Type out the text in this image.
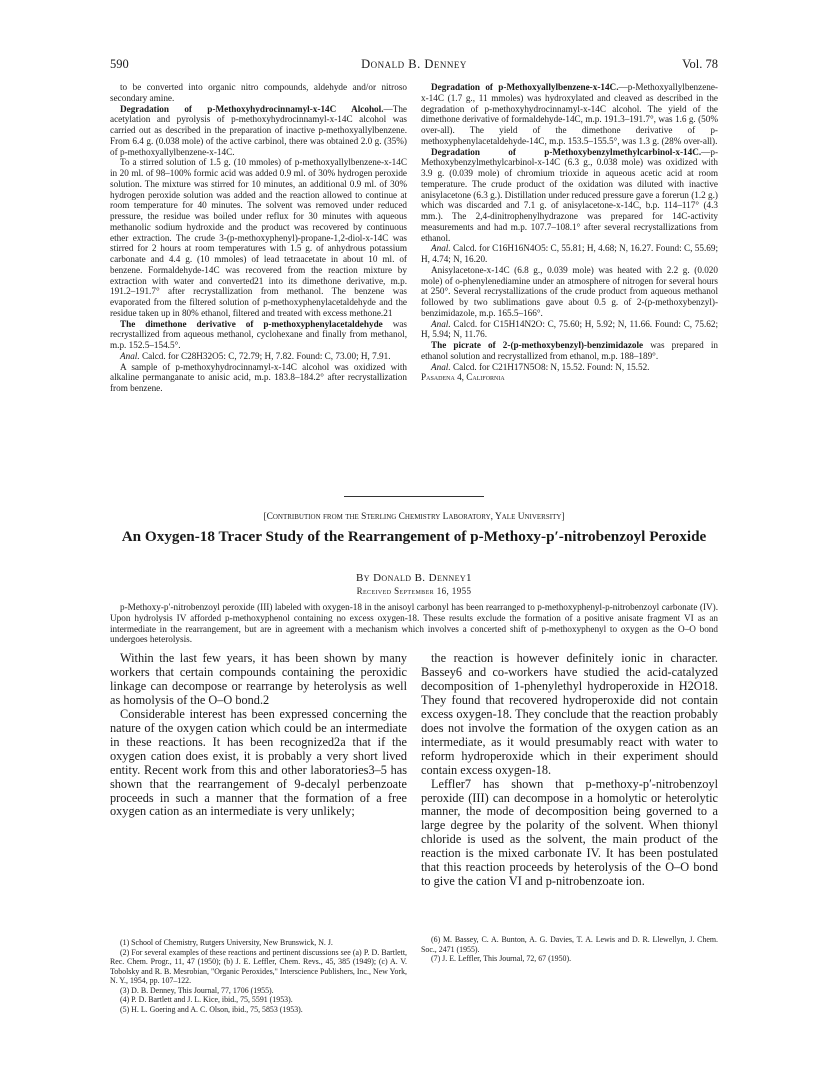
590	Donald B. Denney	Vol. 78

to be converted into organic nitro compounds, aldehyde and/or nitroso secondary amine.

Degradation of p-Methoxyhydrocinnamyl-x-14C Alcohol.—The acetylation and pyrolysis of p-methoxyhydrocinnamyl-x-14C alcohol was carried out as described in the preparation of inactive p-methoxyallylbenzene. From 6.4 g. (0.038 mole) of the active carbinol, there was obtained 2.0 g. (35%) of p-methoxyallylbenzene-x-14C.

To a stirred solution of 1.5 g. (10 mmoles) of p-methoxyallylbenzene-x-14C in 20 ml. of 98–100% formic acid was added 0.9 ml. of 30% hydrogen peroxide solution. The mixture was stirred for 10 minutes, an additional 0.9 ml. of 30% hydrogen peroxide solution was added and the reaction allowed to continue at room temperature for 40 minutes. The solvent was removed under reduced pressure, the residue was boiled under reflux for 30 minutes with aqueous methanolic sodium hydroxide and the product was recovered by continuous ether extraction. The crude 3-(p-methoxyphenyl)-propane-1,2-diol-x-14C was stirred for 2 hours at room temperatures with 1.5 g. of anhydrous potassium carbonate and 4.4 g. (10 mmoles) of lead tetraacetate in about 10 ml. of benzene. Formaldehyde-14C was recovered from the reaction mixture by extraction with water and converted21 into its dimethone derivative, m.p. 191.2–191.7° after recrystallization from methanol. The benzene was evaporated from the filtered solution of p-methoxyphenylacetaldehyde and the residue taken up in 80% ethanol, filtered and treated with excess methone.21

The dimethone derivative of p-methoxyphenylacetaldehyde was recrystallized from aqueous methanol, cyclohexane and finally from methanol, m.p. 152.5–154.5°.

Anal. Calcd. for C28H32O5: C, 72.79; H, 7.82. Found: C, 73.00; H, 7.91.

A sample of p-methoxyhydrocinnamyl-x-14C alcohol was oxidized with alkaline permanganate to anisic acid, m.p. 183.8–184.2° after recrystallization from benzene.

Degradation of p-Methoxyallylbenzene-x-14C.—p-Methoxyallylbenzene-x-14C (1.7 g., 11 mmoles) was hydroxylated and cleaved as described in the degradation of p-methoxyhydrocinnamyl-x-14C alcohol. The yield of the dimethone derivative of formaldehyde-14C, m.p. 191.3–191.7°, was 1.6 g. (50% over-all). The yield of the dimethone derivative of p-methoxyphenylacetaldehyde-14C, m.p. 153.5–155.5°, was 1.3 g. (28% over-all).

Degradation of p-Methoxybenzylmethylcarbinol-x-14C.—p-Methoxybenzylmethylcarbinol-x-14C (6.3 g., 0.038 mole) was oxidized with 3.9 g. (0.039 mole) of chromium trioxide in aqueous acetic acid at room temperature. The crude product of the oxidation was diluted with inactive anisylacetone (6.3 g.). Distillation under reduced pressure gave a forerun (1.2 g.) which was discarded and 7.1 g. of anisylacetone-x-14C, b.p. 114–117° (4.3 mm.). The 2,4-dinitrophenylhydrazone was prepared for 14C-activity measurements and had m.p. 107.7–108.1° after several recrystallizations from ethanol.

Anal. Calcd. for C16H16N4O5: C, 55.81; H, 4.68; N, 16.27. Found: C, 55.69; H, 4.74; N, 16.20.

Anisylacetone-x-14C (6.8 g., 0.039 mole) was heated with 2.2 g. (0.020 mole) of o-phenylenediamine under an atmosphere of nitrogen for several hours at 250°. Several recrystallizations of the crude product from aqueous methanol followed by two sublimations gave about 0.5 g. of 2-(p-methoxybenzyl)-benzimidazole, m.p. 165.5–166°.

Anal. Calcd. for C15H14N2O: C, 75.60; H, 5.92; N, 11.66. Found: C, 75.62; H, 5.94; N, 11.76.

The picrate of 2-(p-methoxybenzyl)-benzimidazole was prepared in ethanol solution and recrystallized from ethanol, m.p. 188–189°.

Anal. Calcd. for C21H17N5O8: N, 15.52. Found: N, 15.52.

Pasadena 4, California

[Contribution from the Sterling Chemistry Laboratory, Yale University]
An Oxygen-18 Tracer Study of the Rearrangement of p-Methoxy-p′-nitrobenzoyl Peroxide
By Donald B. Denney1
Received September 16, 1955
p-Methoxy-p′-nitrobenzoyl peroxide (III) labeled with oxygen-18 in the anisoyl carbonyl has been rearranged to p-methoxyphenyl-p-nitrobenzoyl carbonate (IV). Upon hydrolysis IV afforded p-methoxyphenol containing no excess oxygen-18. These results exclude the formation of a positive anisate fragment VI as an intermediate in the rearrangement, but are in agreement with a mechanism which involves a concerted shift of p-methoxyphenyl to oxygen as the O–O bond undergoes heterolysis.

Within the last few years, it has been shown by many workers that certain compounds containing the peroxidic linkage can decompose or rearrange by heterolysis as well as homolysis of the O–O bond.2

Considerable interest has been expressed concerning the nature of the oxygen cation which could be an intermediate in these reactions. It has been recognized2a that if the oxygen cation does exist, it is probably a very short lived entity. Recent work from this and other laboratories3–5 has shown that the rearrangement of 9-decalyl perbenzoate proceeds in such a manner that the formation of a free oxygen cation as an intermediate is very unlikely;

the reaction is however definitely ionic in character. Bassey6 and co-workers have studied the acid-catalyzed decomposition of 1-phenylethyl hydroperoxide in H2O18. They found that recovered hydroperoxide did not contain excess oxygen-18. They conclude that the reaction probably does not involve the formation of the oxygen cation as an intermediate, as it would presumably react with water to reform hydroperoxide which in their experiment should contain excess oxygen-18.

Leffler7 has shown that p-methoxy-p′-nitrobenzoyl peroxide (III) can decompose in a homolytic or heterolytic manner, the mode of decomposition being governed to a large degree by the polarity of the solvent. When thionyl chloride is used as the solvent, the main product of the reaction is the mixed carbonate IV. It has been postulated that this reaction proceeds by heterolysis of the O–O bond to give the cation VI and p-nitrobenzoate ion.

(1) School of Chemistry, Rutgers University, New Brunswick, N. J.

(2) For several examples of these reactions and pertinent discussions see (a) P. D. Bartlett, Rec. Chem. Progr., 11, 47 (1950); (b) J. E. Leffler, Chem. Revs., 45, 385 (1949); (c) A. V. Tobolsky and R. B. Mesrobian, "Organic Peroxides," Interscience Publishers, Inc., New York, N. Y., 1954, pp. 107–122.

(3) D. B. Denney, This Journal, 77, 1706 (1955).

(4) P. D. Bartlett and J. L. Kice, ibid., 75, 5591 (1953).

(5) H. L. Goering and A. C. Olson, ibid., 75, 5853 (1953).

(6) M. Bassey, C. A. Bunton, A. G. Davies, T. A. Lewis and D. R. Llewellyn, J. Chem. Soc., 2471 (1955).

(7) J. E. Leffler, This Journal, 72, 67 (1950).
